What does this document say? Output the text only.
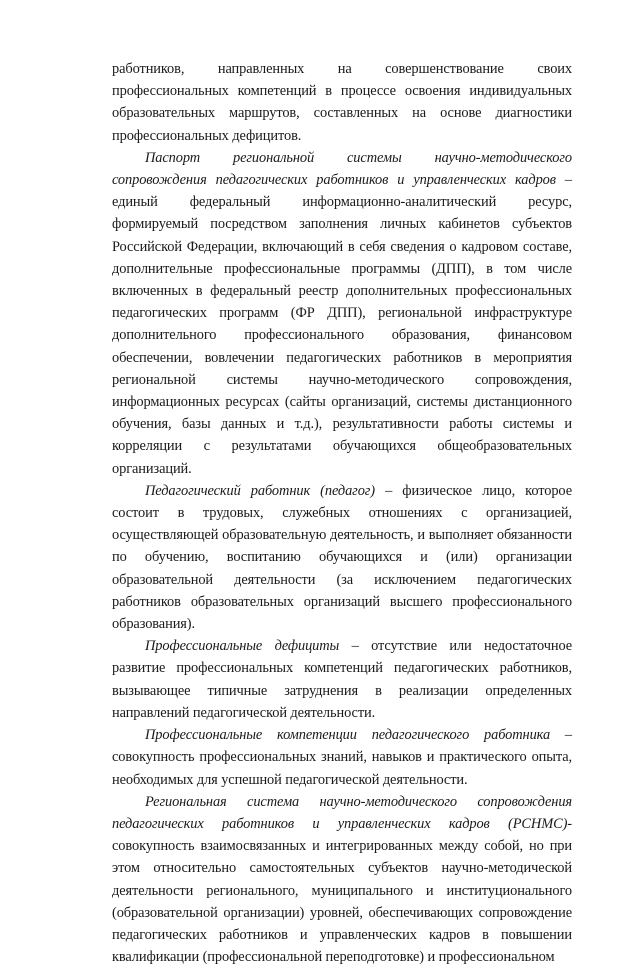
работников, направленных на совершенствование своих профессиональных компетенций в процессе освоения индивидуальных образовательных маршрутов, составленных на основе диагностики профессиональных дефицитов.

Паспорт региональной системы научно-методического сопровождения педагогических работников и управленческих кадров – единый федеральный информационно-аналитический ресурс, формируемый посредством заполнения личных кабинетов субъектов Российской Федерации, включающий в себя сведения о кадровом составе, дополнительные профессиональные программы (ДПП), в том числе включенных в федеральный реестр дополнительных профессиональных педагогических программ (ФР ДПП), региональной инфраструктуре дополнительного профессионального образования, финансовом обеспечении, вовлечении педагогических работников в мероприятия региональной системы научно-методического сопровождения, информационных ресурсах (сайты организаций, системы дистанционного обучения, базы данных и т.д.), результативности работы системы и корреляции с результатами обучающихся общеобразовательных организаций.

Педагогический работник (педагог) – физическое лицо, которое состоит в трудовых, служебных отношениях с организацией, осуществляющей образовательную деятельность, и выполняет обязанности по обучению, воспитанию обучающихся и (или) организации образовательной деятельности (за исключением педагогических работников образовательных организаций высшего профессионального образования).

Профессиональные дефициты – отсутствие или недостаточное развитие профессиональных компетенций педагогических работников, вызывающее типичные затруднения в реализации определенных направлений педагогической деятельности.

Профессиональные компетенции педагогического работника – совокупность профессиональных знаний, навыков и практического опыта, необходимых для успешной педагогической деятельности.

Региональная система научно-методического сопровождения педагогических работников и управленческих кадров (РСНМС)- совокупность взаимосвязанных и интегрированных между собой, но при этом относительно самостоятельных субъектов научно-методической деятельности регионального, муниципального и институционального (образовательной организации) уровней, обеспечивающих сопровождение педагогических работников и управленческих кадров в повышении квалификации (профессиональной переподготовке) и профессиональном
